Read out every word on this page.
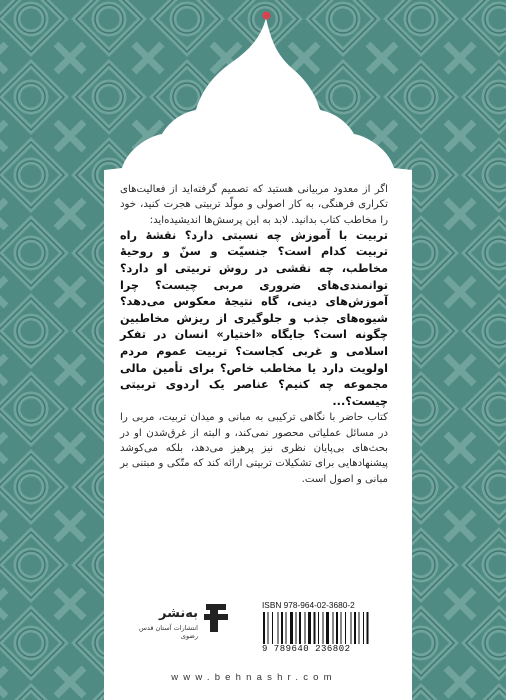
اگر از معدود مربیانی هستید که تصمیم گرفته‌اید از فعالیت‌های تکراری فرهنگی، به کار اصولی و مولّد تربیتی هجرت کنید، خود را مخاطب کتاب بدانید. لابد به این پرسش‌ها اندیشیده‌اید:

تربیت با آموزش چه نسبتی دارد؟ نقشهٔ راه تربیت کدام است؟ جنسیّت و سنّ و روحیهٔ مخاطب، چه نقشی در روش تربیتی او دارد؟ توانمندی‌های ضروری مربی چیست؟ چرا آموزش‌های دینی، گاه نتیجهٔ معکوس می‌دهد؟ شیوه‌های جذب و جلوگیری از ریزش مخاطبین چگونه است؟ جایگاه «اختیار» انسان در تفکر اسلامی و غربی کجاست؟ تربیت عموم مردم اولویت دارد یا مخاطب خاص؟ برای تأمین مالی مجموعه چه کنیم؟ عناصر یک اردوی تربیتی چیست؟...

کتاب حاضر با نگاهی ترکیبی به مبانی و میدان تربیت، مربی را در مسائل عملیاتی محصور نمی‌کند، و البته از غرق‌شدن او در بحث‌های بی‌پایان نظری نیز پرهیز می‌دهد، بلکه می‌کوشد پیشنهادهایی برای تشکیلات تربیتی ارائه کند که متّکی و مبتنی بر مبانی و اصول است.

به‌نشر
انتشارات آستان قدس رضوی
ISBN 978-964-02-3680-2
9 789640 236802
www.behnashr.com
